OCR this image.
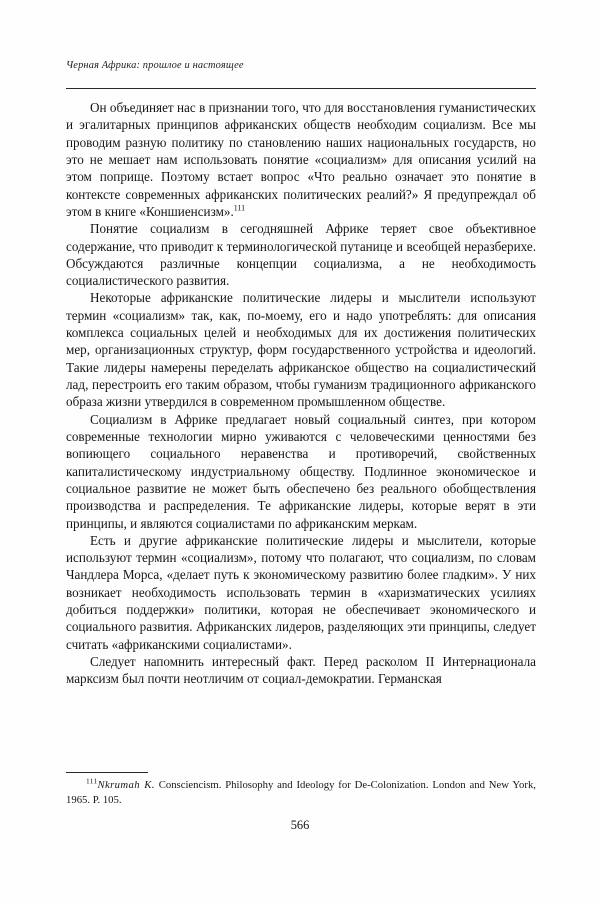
Черная Африка: прошлое и настоящее

Он объединяет нас в признании того, что для восстановления гуманистических и эгалитарных принципов африканских обществ необходим социализм. Все мы проводим разную политику по становлению наших национальных государств, но это не мешает нам использовать понятие «социализм» для описания усилий на этом поприще. Поэтому встает вопрос «Что реально означает это понятие в контексте современных африканских политических реалий?» Я предупреждал об этом в книге «Коншиенсизм».$^{111}$

Понятие социализм в сегодняшней Африке теряет свое объективное содержание, что приводит к терминологической путанице и всеобщей неразберихе. Обсуждаются различные концепции социализма, а не необходимость социалистического развития.

Некоторые африканские политические лидеры и мыслители используют термин «социализм» так, как, по-моему, его и надо употреблять: для описания комплекса социальных целей и необходимых для их достижения политических мер, организационных структур, форм государственного устройства и идеологий. Такие лидеры намерены переделать африканское общество на социалистический лад, перестроить его таким образом, чтобы гуманизм традиционного африканского образа жизни утвердился в современном промышленном обществе.

Социализм в Африке предлагает новый социальный синтез, при котором современные технологии мирно уживаются с человеческими ценностями без вопиющего социального неравенства и противоречий, свойственных капиталистическому индустриальному обществу. Подлинное экономическое и социальное развитие не может быть обеспечено без реального обобществления производства и распределения. Те африканские лидеры, которые верят в эти принципы, и являются социалистами по африканским меркам.

Есть и другие африканские политические лидеры и мыслители, которые используют термин «социализм», потому что полагают, что социализм, по словам Чандлера Морса, «делает путь к экономическому развитию более гладким». У них возникает необходимость использовать термин в «харизматических усилиях добиться поддержки» политики, которая не обеспечивает экономического и социального развития. Африканских лидеров, разделяющих эти принципы, следует считать «африканскими социалистами».

Следует напомнить интересный факт. Перед расколом II Интернационала марксизм был почти неотличим от социал-демократии. Германская

$^{111}$Nkrumah K. Consciencism. Philosophy and Ideology for De-Colonization. London and New York, 1965. P. 105.
566
